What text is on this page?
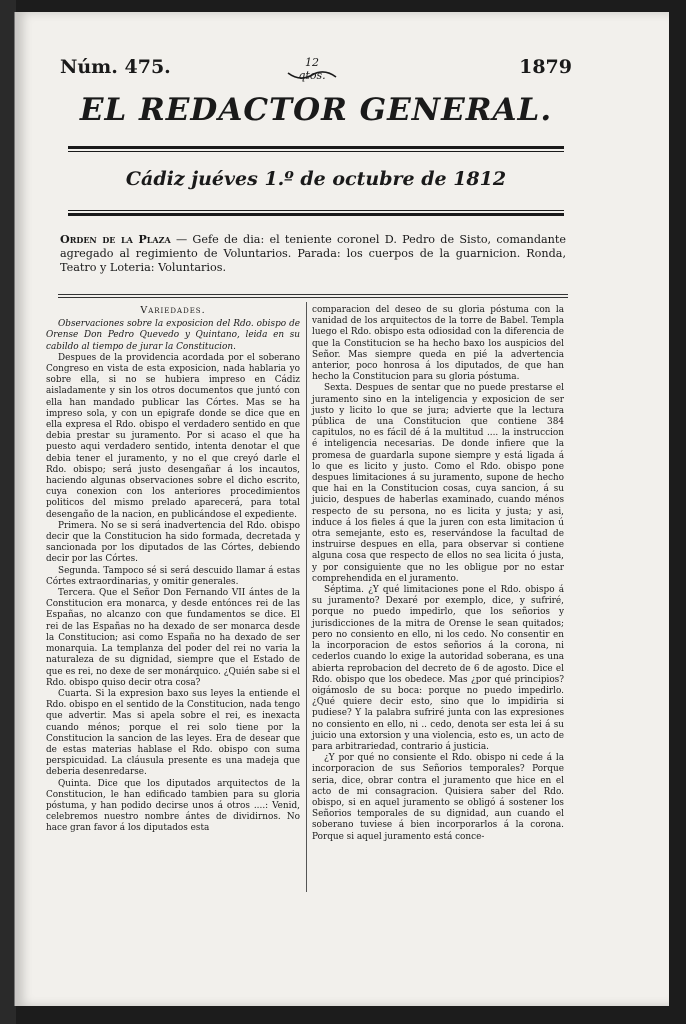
Núm. 475.	12 qtos.	1879
EL REDACTOR GENERAL.
Cádiz juéves 1.º de octubre de 1812
Orden de la Plaza — Gefe de dia: el teniente coronel D. Pedro de Sisto, comandante agregado al regimiento de Voluntarios. Parada: los cuerpos de la guarnicion. Ronda, Teatro y Loteria: Voluntarios.
Variedades.

Observaciones sobre la exposicion del Rdo. obispo de Orense Don Pedro Quevedo y Quintano, leida en su cabildo al tiempo de jurar la Constitucion.

Despues de la providencia acordada por el soberano Congreso en vista de esta exposicion, nada hablaria yo sobre ella, si no se hubiera impreso en Cádiz aisladamente y sin los otros documentos que juntó con ella han mandado publicar las Córtes. Mas se ha impreso sola, y con un epigrafe donde se dice que en ella expresa el Rdo. obispo el verdadero sentido en que debia prestar su juramento. Por si acaso el que ha puesto aqui verdadero sentido, intenta denotar el que debia tener el juramento, y no el que creyó darle el Rdo. obispo; será justo desengañar á los incautos, haciendo algunas observaciones sobre el dicho escrito, cuya conexion con los anteriores procedimientos politicos del mismo prelado aparecerá, para total desengaño de la nacion, en publicándose el expediente.

Primera. No se si será inadvertencia del Rdo. obispo decir que la Constitucion ha sido formada, decretada y sancionada por los diputados de las Córtes, debiendo decir por las Córtes.

Segunda. Tampoco sé si será descuido llamar á estas Córtes extraordinarias, y omitir generales.

Tercera. Que el Señor Don Fernando VII ántes de la Constitucion era monarca, y desde entónces rei de las Españas, no alcanzo con que fundamentos se dice. El rei de las Españas no ha dexado de ser monarca desde la Constitucion; asi como España no ha dexado de ser monarquia. La templanza del poder del rei no varia la naturaleza de su dignidad, siempre que el Estado de que es rei, no dexe de ser monárquico. ¿Quién sabe si el Rdo. obispo quiso decir otra cosa?

Cuarta. Si la expresion baxo sus leyes la entiende el Rdo. obispo en el sentido de la Constitucion, nada tengo que advertir. Mas si apela sobre el rei, es inexacta cuando ménos; porque el rei solo tiene por la Constitucion la sancion de las leyes. Era de desear que de estas materias hablase el Rdo. obispo con suma perspicuidad. La cláusula presente es una madeja que deberia desenredarse.

Quinta. Dice que los diputados arquitectos de la Constitucion, le han edificado tambien para su gloria póstuma, y han podido decirse unos á otros ....: Venid, celebremos nuestro nombre ántes de dividirnos. No hace gran favor á los diputados esta

comparacion del deseo de su gloria póstuma con la vanidad de los arquitectos de la torre de Babel. Templa luego el Rdo. obispo esta odiosidad con la diferencia de que la Constitucion se ha hecho baxo los auspicios del Señor. Mas siempre queda en pié la advertencia anterior, poco honrosa á los diputados, de que han hecho la Constitucion para su gloria póstuma.

Sexta. Despues de sentar que no puede prestarse el juramento sino en la inteligencia y exposicion de ser justo y licito lo que se jura; advierte que la lectura pública de una Constitucion que contiene 384 capitulos, no es fácil dé á la multitud .... la instruccion é inteligencia necesarias. De donde infiere que la promesa de guardarla supone siempre y está ligada á lo que es licito y justo. Como el Rdo. obispo pone despues limitaciones á su juramento, supone de hecho que hai en la Constitucion cosas, cuya sancion, á su juicio, despues de haberlas examinado, cuando ménos respecto de su persona, no es licita y justa; y asi, induce á los fieles á que la juren con esta limitacion ú otra semejante, esto es, reservándose la facultad de instruirse despues en ella, para observar si contiene alguna cosa que respecto de ellos no sea licita ó justa, y por consiguiente que no les obligue por no estar comprehendida en el juramento.

Séptima. ¿Y qué limitaciones pone el Rdo. obispo á su juramento? Dexaré por exemplo, dice, y sufriré, porque no puedo impedirlo, que los señorios y jurisdicciones de la mitra de Orense le sean quitados; pero no consiento en ello, ni los cedo. No consentir en la incorporacion de estos señorios á la corona, ni cederlos cuando lo exige la autoridad soberana, es una abierta reprobacion del decreto de 6 de agosto. Dice el Rdo. obispo que los obedece. Mas ¿por qué principios? oigámoslo de su boca: porque no puedo impedirlo. ¿Qué quiere decir esto, sino que lo impidiria si pudiese? Y la palabra sufriré junta con las expresiones no consiento en ello, ni .. cedo, denota ser esta lei á su juicio una extorsion y una violencia, esto es, un acto de para arbitrariedad, contrario á justicia.

¿Y por qué no consiente el Rdo. obispo ni cede á la incorporacion de sus Señorios temporales? Porque seria, dice, obrar contra el juramento que hice en el acto de mi consagracion. Quisiera saber del Rdo. obispo, si en aquel juramento se obligó á sostener los Señorios temporales de su dignidad, aun cuando el soberano tuviese á bien incorporarlos á la corona. Porque si aquel juramento está conce-
